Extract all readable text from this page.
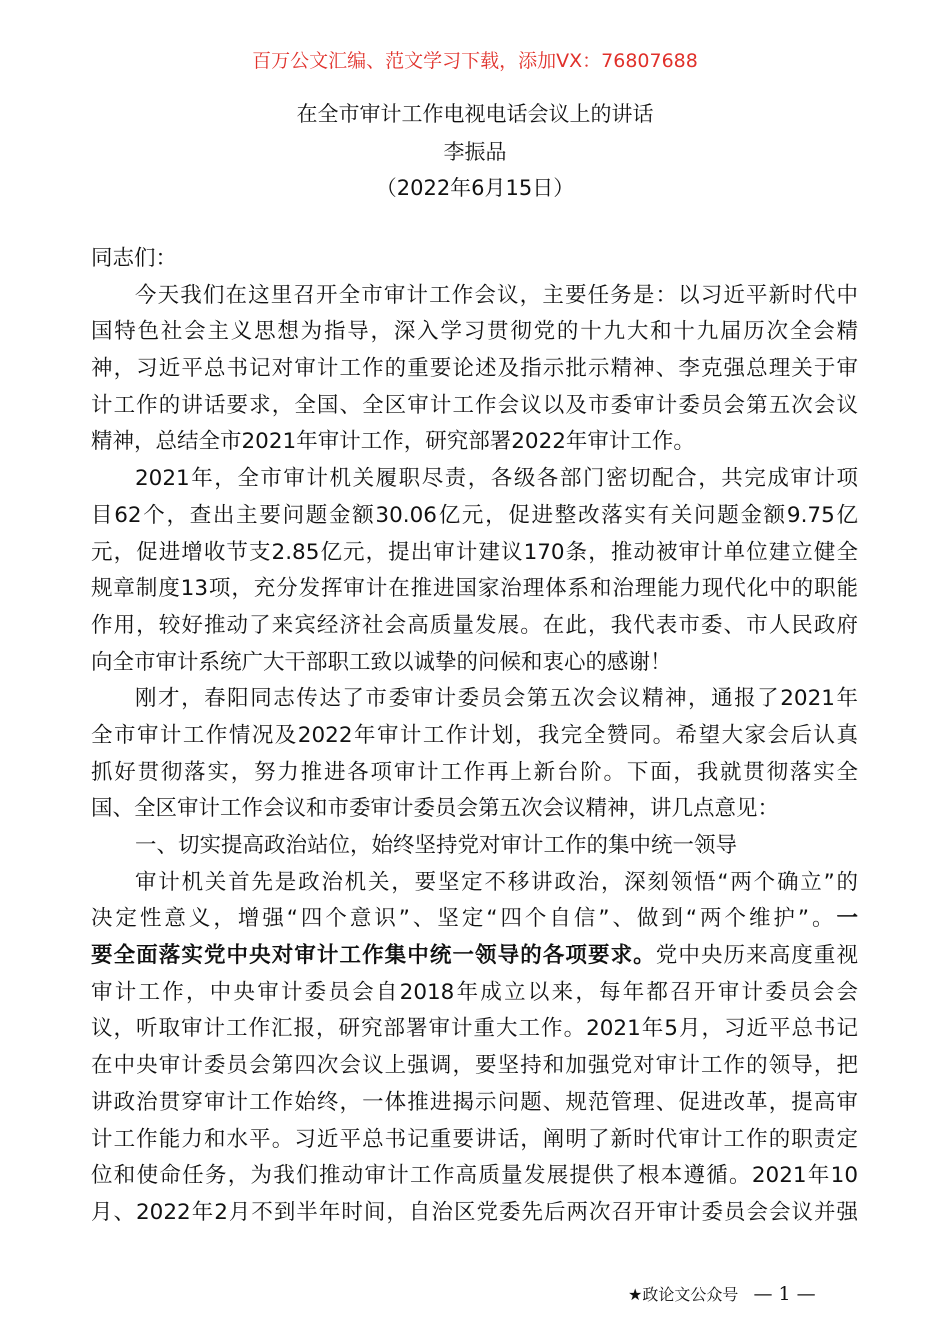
百万公文汇编、范文学习下载，添加VX：76807688
在全市审计工作电视电话会议上的讲话
李振品
（2022年6月15日）
同志们：
今天我们在这里召开全市审计工作会议，主要任务是：以习近平新时代中
国特色社会主义思想为指导，深入学习贯彻党的十九大和十九届历次全会精
神，习近平总书记对审计工作的重要论述及指示批示精神、李克强总理关于审
计工作的讲话要求，全国、全区审计工作会议以及市委审计委员会第五次会议
精神，总结全市2021年审计工作，研究部署2022年审计工作。
2021年，全市审计机关履职尽责，各级各部门密切配合，共完成审计项
目62个，查出主要问题金额30.06亿元，促进整改落实有关问题金额9.75亿
元，促进增收节支2.85亿元，提出审计建议170条，推动被审计单位建立健全
规章制度13项，充分发挥审计在推进国家治理体系和治理能力现代化中的职能
作用，较好推动了来宾经济社会高质量发展。在此，我代表市委、市人民政府
向全市审计系统广大干部职工致以诚挚的问候和衷心的感谢！
刚才，春阳同志传达了市委审计委员会第五次会议精神，通报了2021年
全市审计工作情况及2022年审计工作计划，我完全赞同。希望大家会后认真
抓好贯彻落实，努力推进各项审计工作再上新台阶。下面，我就贯彻落实全
国、全区审计工作会议和市委审计委员会第五次会议精神，讲几点意见：
一、切实提高政治站位，始终坚持党对审计工作的集中统一领导
审计机关首先是政治机关，要坚定不移讲政治，深刻领悟“两个确立”的
决定性意义，增强“四个意识”、坚定“四个自信”、做到“两个维护”。一
要全面落实党中央对审计工作集中统一领导的各项要求。党中央历来高度重视
审计工作，中央审计委员会自2018年成立以来，每年都召开审计委员会会
议，听取审计工作汇报，研究部署审计重大工作。2021年5月，习近平总书记
在中央审计委员会第四次会议上强调，要坚持和加强党对审计工作的领导，把
讲政治贯穿审计工作始终，一体推进揭示问题、规范管理、促进改革，提高审
计工作能力和水平。习近平总书记重要讲话，阐明了新时代审计工作的职责定
位和使命任务，为我们推动审计工作高质量发展提供了根本遵循。2021年10
月、2022年2月不到半年时间，自治区党委先后两次召开审计委员会会议并强
★政论文公众号 — 1 —
